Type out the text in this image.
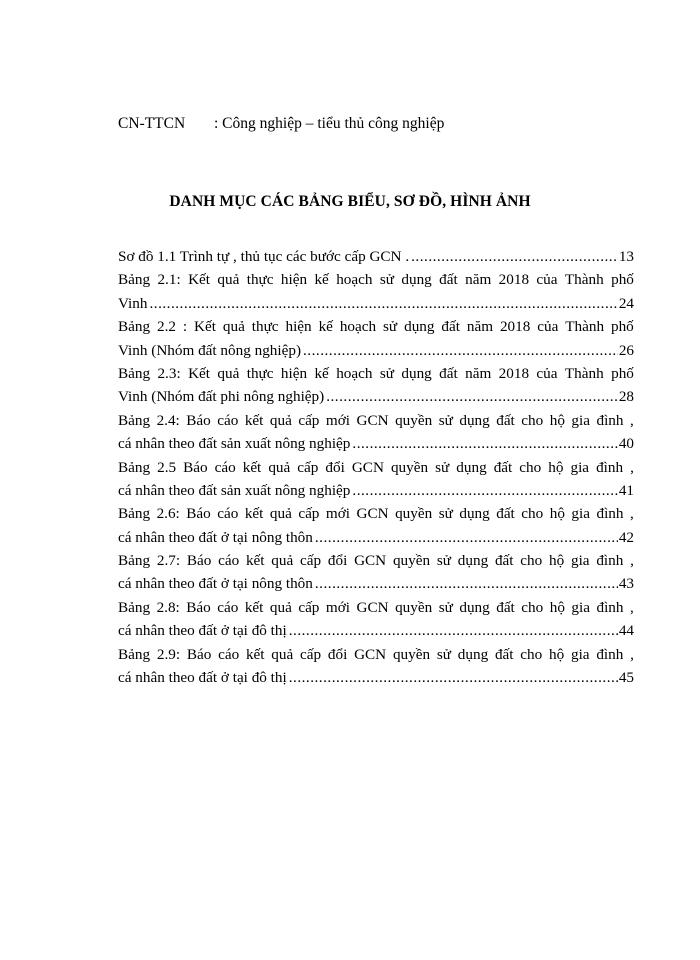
CN-TTCN : Công nghiệp – tiểu thủ công nghiệp
DANH MỤC CÁC BẢNG BIỂU, SƠ ĐỒ, HÌNH ẢNH
Sơ đồ 1.1 Trình tự , thủ tục các bước cấp GCN . .....	13
Bảng 2.1: Kết quả thực hiện kế hoạch sử dụng đất năm 2018 của Thành phố
Vinh .....	24
Bảng 2.2 : Kết quả thực hiện kế hoạch sử dụng đất năm 2018 của Thành phố
Vinh (Nhóm đất nông nghiệp) .....	26
Bảng 2.3: Kết quả thực hiện kế hoạch sử dụng đất năm 2018 của Thành phố
Vinh (Nhóm đất phi nông nghiệp) .....	28
Bảng 2.4: Báo cáo kết quả cấp mới GCN quyền sử dụng đất cho hộ gia đình ,
cá nhân theo đất sản xuất nông nghiệp .....	40
Bảng 2.5 Báo cáo kết quả cấp đổi GCN quyền sử dụng đất cho hộ gia đình ,
cá nhân theo đất sản xuất nông nghiệp .....	41
Bảng 2.6: Báo cáo kết quả cấp mới GCN quyền sử dụng đất cho hộ gia đình ,
cá nhân theo đất ở tại nông thôn .....	42
Bảng 2.7: Báo cáo kết quả cấp đổi GCN quyền sử dụng đất cho hộ gia đình ,
cá nhân theo đất ở tại nông thôn .....	43
Bảng 2.8: Báo cáo kết quả cấp mới GCN quyền sử dụng đất cho hộ gia đình ,
cá nhân theo đất ở tại đô thị .....	44
Bảng 2.9: Báo cáo kết quả cấp đổi GCN quyền sử dụng đất cho hộ gia đình ,
cá nhân theo đất ở tại đô thị .....	45
